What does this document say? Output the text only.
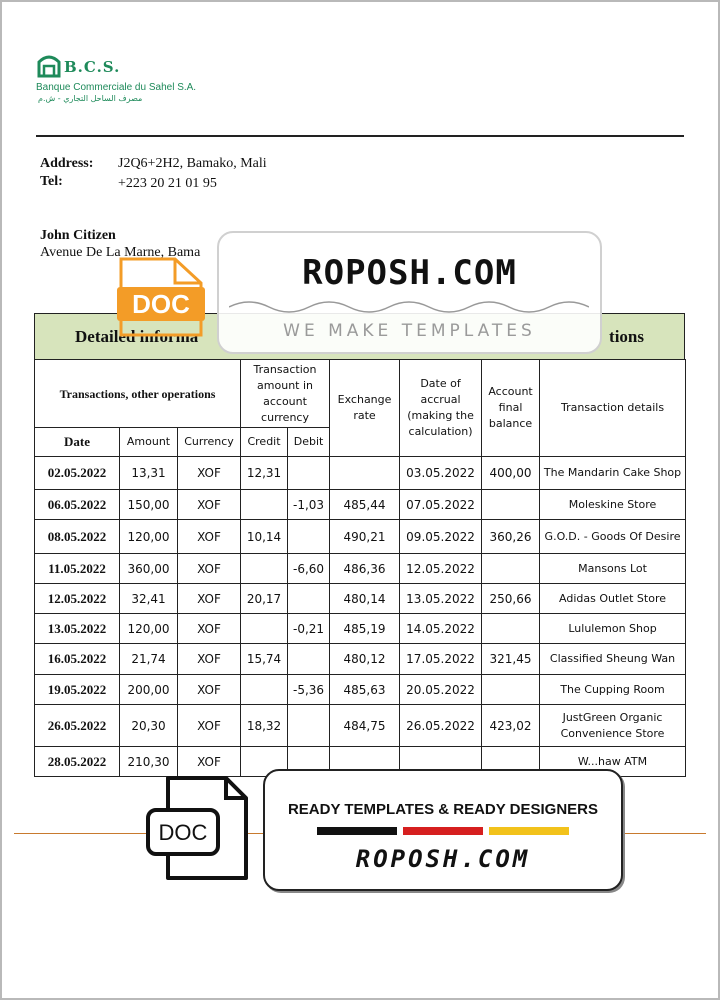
B.C.S.
Banque Commerciale du Sahel S.A.
مصرف الساحل التجاري - ش.م
Address: J2Q6+2H2, Bamako, Mali
Tel:	+223 20 21 01 95
John Citizen
Avenue De La Marne, Bama
Detailed informa	tions
Transactions, other operations			Transaction amount in account currency		Exchange rate	Date of accrual (making the calculation)	Account final balance	Transaction details
Date	Amount	Currency	Credit	Debit				
02.05.2022	13,31	XOF	12,31			03.05.2022	400,00	The Mandarin Cake Shop
06.05.2022	150,00	XOF		-1,03	485,44	07.05.2022		Moleskine Store
08.05.2022	120,00	XOF	10,14		490,21	09.05.2022	360,26	G.O.D. - Goods Of Desire
11.05.2022	360,00	XOF		-6,60	486,36	12.05.2022		Mansons Lot
12.05.2022	32,41	XOF	20,17		480,14	13.05.2022	250,66	Adidas Outlet Store
13.05.2022	120,00	XOF		-0,21	485,19	14.05.2022		Lululemon Shop
16.05.2022	21,74	XOF	15,74		480,12	17.05.2022	321,45	Classified Sheung Wan
19.05.2022	200,00	XOF		-5,36	485,63	20.05.2022		The Cupping Room
26.05.2022	20,30	XOF	18,32		484,75	26.05.2022	423,02	JustGreen Organic Convenience Store
28.05.2022	210,30	XOF						W...haw ATM
ROPOSH.COM
WE MAKE TEMPLATES
DOC
DOC
READY TEMPLATES & READY DESIGNERS
ROPOSH.COM
